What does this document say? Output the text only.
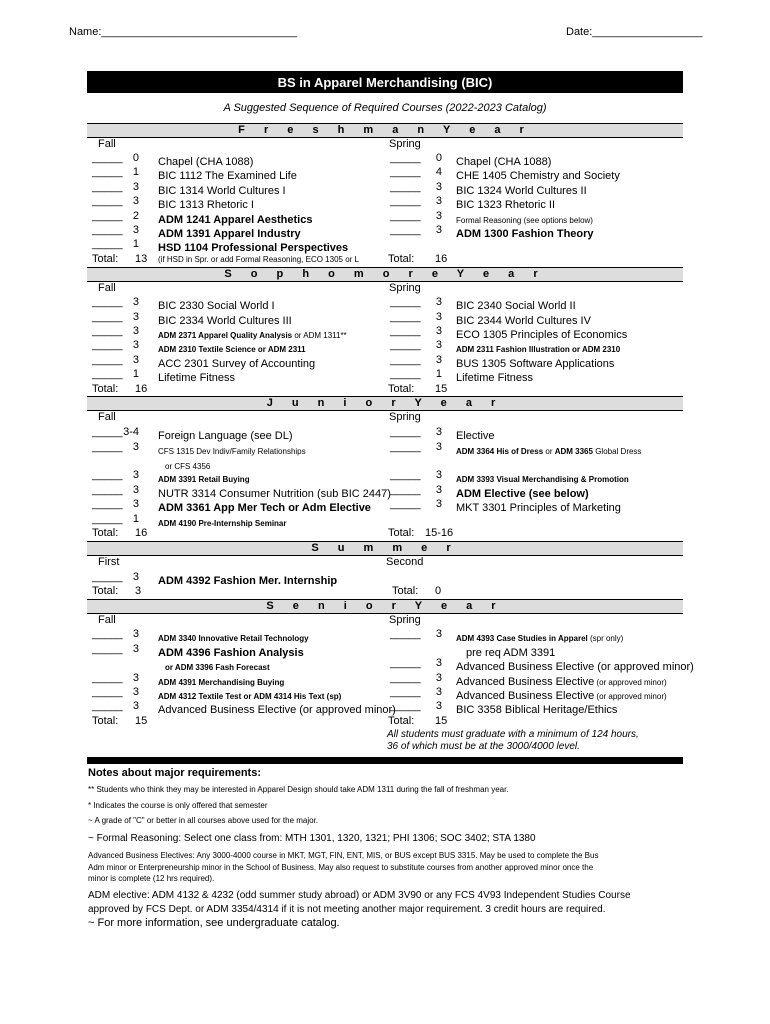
Name:________________________________	Date:__________________
BS in Apparel Merchandising (BIC)
A Suggested Sequence of Required Courses (2022-2023 Catalog)
F r e s h m a n Y e a r
Fall	Spring
_____ 0 Chapel (CHA 1088)
_____ 1 BIC 1112 The Examined Life
_____ 3 BIC 1314 World Cultures I
_____ 3 BIC 1313 Rhetoric I
_____ 2 ADM 1241 Apparel Aesthetics
_____ 3 ADM 1391 Apparel Industry
_____ 1 HSD 1104 Professional Perspectives
_____	0 Chapel (CHA 1088)
_____	4 CHE 1405 Chemistry and Society
_____	3 BIC 1324 World Cultures II
_____	3 BIC 1323 Rhetoric II
_____	3 Formal Reasoning (see options below)
_____	3 ADM 1300 Fashion Theory
Total: 13 (if HSD in Spr. or add Formal Reasoning, ECO 1305 or L	Total: 16
S o p h o m o r e Y e a r
Fall	Spring
_____ 3 BIC 2330 Social World I
_____ 3 BIC 2334 World Cultures III
_____ 3 ADM 2371 Apparel Quality Analysis or ADM 1311**
_____ 3 ADM 2310 Textile Science or ADM 2311
_____ 3 ACC 2301 Survey of Accounting
_____ 1 Lifetime Fitness
_____	3 BIC 2340 Social World II
_____	3 BIC 2344 World Cultures IV
_____	3 ECO 1305 Principles of Economics
_____	3 ADM 2311 Fashion Illustration or ADM 2310
_____	3 BUS 1305 Software Applications
_____	1 Lifetime Fitness
Total: 16	Total: 15
J u n i o r Y e a r
Fall	Spring
_____ 3-4 Foreign Language (see DL)
_____ 3 CFS 1315 Dev Indiv/Family Relationships
or CFS 4356
_____ 3 ADM 3391 Retail Buying
_____ 3 NUTR 3314 Consumer Nutrition (sub BIC 2447)
_____ 3 ADM 3361 App Mer Tech or Adm Elective
_____ 1 ADM 4190 Pre-Internship Seminar
_____	3 Elective
_____	3 ADM 3364 His of Dress or ADM 3365 Global Dress
_____	3 ADM 3393 Visual Merchandising & Promotion
_____	3 ADM Elective (see below)
_____	3 MKT 3301 Principles of Marketing
Total: 16	Total: 15-16
S u m m e r
First	Second
_____ 3 ADM 4392 Fashion Mer. Internship
Total: 3	Total: 0
S e n i o r Y e a r
Fall	Spring
_____ 3 ADM 3340 Innovative Retail Technology
_____ 3 ADM 4396 Fashion Analysis
or ADM 3396 Fash Forecast
_____ 3 ADM 4391 Merchandising Buying
_____ 3 ADM 4312 Textile Test or ADM 4314 His Text (sp)
_____ 3 Advanced Business Elective (or approved minor)
_____	3 ADM 4393 Case Studies in Apparel (spr only)
pre req ADM 3391
_____	3 Advanced Business Elective (or approved minor)
_____	3 Advanced Business Elective (or approved minor)
_____	3 Advanced Business Elective (or approved minor)
_____	3 BIC 3358 Biblical Heritage/Ethics
Total: 15	Total: 15
All students must graduate with a minimum of 124 hours,
36 of which must be at the 3000/4000 level.
Notes about major requirements:
** Students who think they may be interested in Apparel Design should take ADM 1311 during the fall of freshman year.
* Indicates the course is only offered that semester
~ A grade of "C" or better in all courses above used for the major.
~ Formal Reasoning: Select one class from: MTH 1301, 1320, 1321; PHI 1306; SOC 3402; STA 1380
Advanced Business Electives: Any 3000-4000 course in MKT, MGT, FIN, ENT, MIS, or BUS except BUS 3315. May be used to complete the Bus
Adm minor or Enterpreneurship minor in the School of Business. May also request to substitute courses from another approved minor once the
minor is complete (12 hrs required).
ADM elective: ADM 4132 & 4232 (odd summer study abroad) or ADM 3V90 or any FCS 4V93 Independent Studies Course
approved by FCS Dept. or ADM 3354/4314 if it is not meeting another major requirement. 3 credit hours are required.
~ For more information, see undergraduate catalog.
